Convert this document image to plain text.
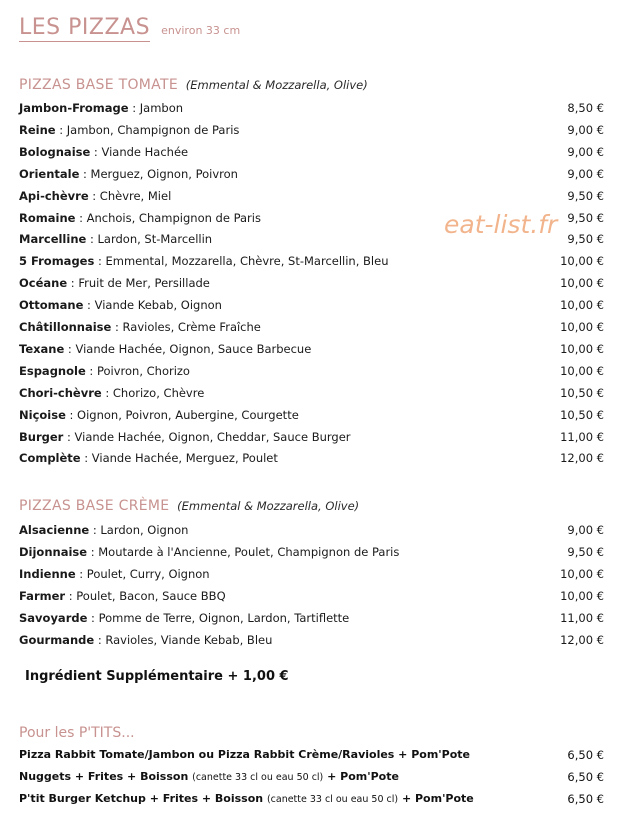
LES PIZZAS environ 33 cm
eat-list.fr
PIZZAS BASE TOMATE (Emmental & Mozzarella, Olive)
Jambon-Fromage : Jambon	8,50 €
Reine : Jambon, Champignon de Paris	9,00 €
Bolognaise : Viande Hachée	9,00 €
Orientale : Merguez, Oignon, Poivron	9,00 €
Api-chèvre : Chèvre, Miel	9,50 €
Romaine : Anchois, Champignon de Paris	9,50 €
Marcelline : Lardon, St-Marcellin	9,50 €
5 Fromages : Emmental, Mozzarella, Chèvre, St-Marcellin, Bleu	10,00 €
Océane : Fruit de Mer, Persillade	10,00 €
Ottomane : Viande Kebab, Oignon	10,00 €
Châtillonnaise : Ravioles, Crème Fraîche	10,00 €
Texane : Viande Hachée, Oignon, Sauce Barbecue	10,00 €
Espagnole : Poivron, Chorizo	10,00 €
Chori-chèvre : Chorizo, Chèvre	10,50 €
Niçoise : Oignon, Poivron, Aubergine, Courgette	10,50 €
Burger : Viande Hachée, Oignon, Cheddar, Sauce Burger	11,00 €
Complète : Viande Hachée, Merguez, Poulet	12,00 €
PIZZAS BASE CRÈME (Emmental & Mozzarella, Olive)
Alsacienne : Lardon, Oignon	9,00 €
Dijonnaise : Moutarde à l'Ancienne, Poulet, Champignon de Paris	9,50 €
Indienne : Poulet, Curry, Oignon	10,00 €
Farmer : Poulet, Bacon, Sauce BBQ	10,00 €
Savoyarde : Pomme de Terre, Oignon, Lardon, Tartiflette	11,00 €
Gourmande : Ravioles, Viande Kebab, Bleu	12,00 €
Ingrédient Supplémentaire + 1,00 €
Pour les P'TITS...
Pizza Rabbit Tomate/Jambon ou Pizza Rabbit Crème/Ravioles + Pom'Pote	6,50 €
Nuggets + Frites + Boisson (canette 33 cl ou eau 50 cl) + Pom'Pote	6,50 €
P'tit Burger Ketchup + Frites + Boisson (canette 33 cl ou eau 50 cl) + Pom'Pote	6,50 €
